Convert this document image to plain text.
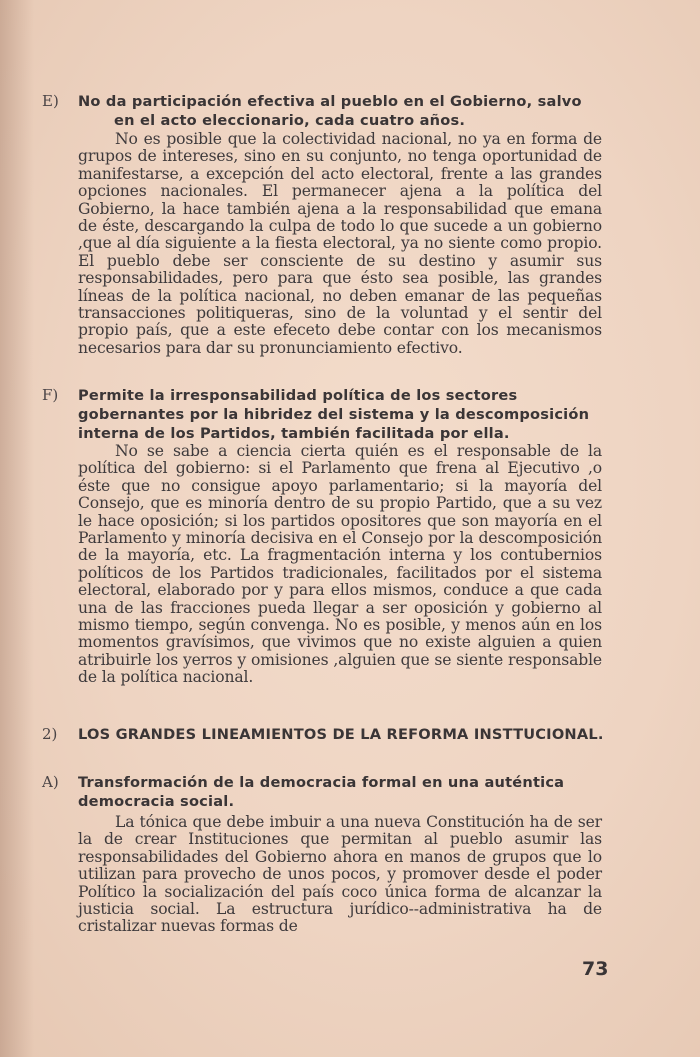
E) No da participación efectiva al pueblo en el Gobierno, salvo
en el acto eleccionario, cada cuatro años.
No es posible que la colectividad nacional, no ya en forma de grupos de intereses, sino en su conjunto, no tenga oportunidad de manifestarse, a excepción del acto electoral, frente a las grandes opciones nacionales. El permanecer ajena a la política del Gobierno, la hace también ajena a la responsabilidad que emana de éste, descargando la culpa de todo lo que sucede a un gobierno ,que al día siguiente a la fiesta electoral, ya no siente como propio. El pueblo debe ser consciente de su destino y asumir sus responsabilidades, pero para que ésto sea posible, las grandes líneas de la política nacional, no deben emanar de las pequeñas transacciones politiqueras, sino de la voluntad y el sentir del propio país, que a este efeceto debe contar con los mecanismos necesarios para dar su pronunciamiento efectivo.
F) Permite la irresponsabilidad política de los sectores gobernantes por la hibridez del sistema y la descomposición interna de los Partidos, también facilitada por ella.
No se sabe a ciencia cierta quién es el responsable de la política del gobierno: si el Parlamento que frena al Ejecutivo ,o éste que no consigue apoyo parlamentario; si la mayoría del Consejo, que es minoría dentro de su propio Partido, que a su vez le hace oposición; si los partidos opositores que son mayoría en el Parlamento y minoría decisiva en el Consejo por la descomposición de la mayoría, etc. La fragmentación interna y los contubernios políticos de los Partidos tradicionales, facilitados por el sistema electoral, elaborado por y para ellos mismos, conduce a que cada una de las fracciones pueda llegar a ser oposición y gobierno al mismo tiempo, según convenga. No es posible, y menos aún en los momentos gravísimos, que vivimos que no existe alguien a quien atribuirle los yerros y omisiones ,alguien que se siente responsable de la política nacional.
2) LOS GRANDES LINEAMIENTOS DE LA REFORMA INSTTUCIONAL.
A) Transformación de la democracia formal en una auténtica democracia social.
La tónica que debe imbuir a una nueva Constitución ha de ser la de crear Instituciones que permitan al pueblo asumir las responsabilidades del Gobierno ahora en manos de grupos que lo utilizan para provecho de unos pocos, y promover desde el poder Político la socialización del país coco única forma de alcanzar la justicia social. La estructura jurídico--administrativa ha de cristalizar nuevas formas de
73
